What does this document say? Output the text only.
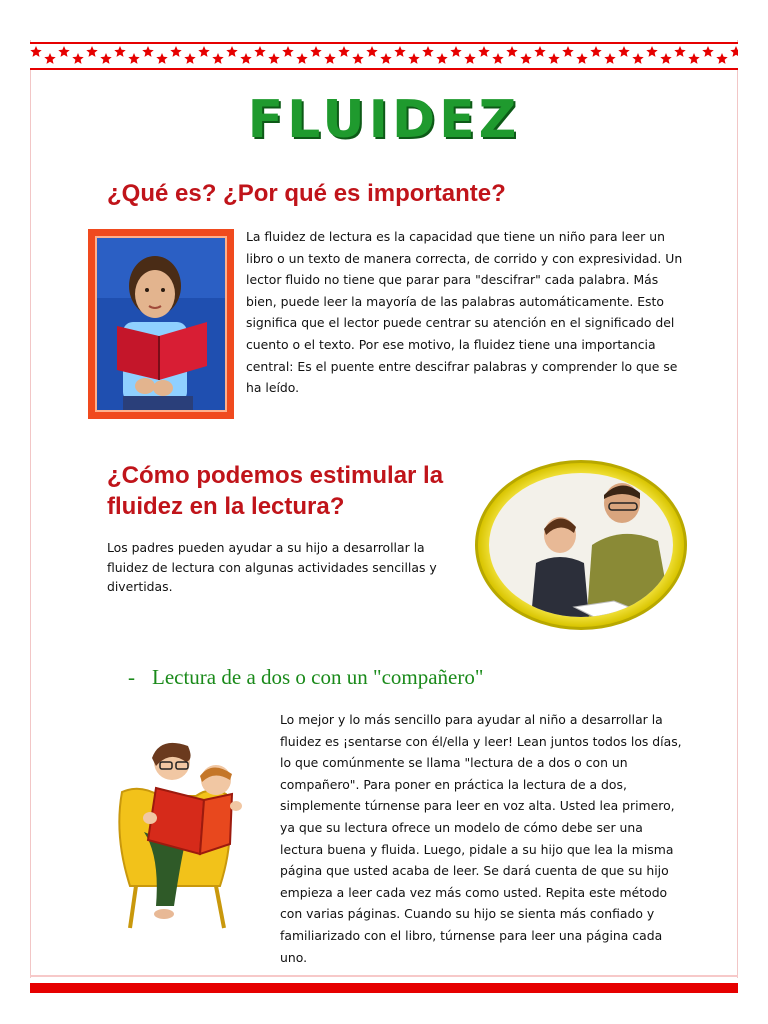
FLUIDEZ
¿Qué es? ¿Por qué es importante?

La fluidez de lectura es la capacidad que tiene un niño para leer un libro o un texto de manera correcta, de corrido y con expresividad. Un lector fluido no tiene que parar para "descifrar" cada palabra. Más bien, puede leer la mayoría de las palabras automáticamente. Esto significa que el lector puede centrar su atención en el significado del cuento o el texto. Por ese motivo, la fluidez tiene una importancia central: Es el puente entre descifrar palabras y comprender lo que se ha leído.

¿Cómo podemos estimular la fluidez en la lectura?

Los padres pueden ayudar a su hijo a desarrollar la fluidez de lectura con algunas actividades sencillas y divertidas.

- Lectura de a dos o con un "compañero"

Lo mejor y lo más sencillo para ayudar al niño a desarrollar la fluidez es ¡sentarse con él/ella y leer! Lean juntos todos los días, lo que comúnmente se llama "lectura de a dos o con un compañero". Para poner en práctica la lectura de a dos, simplemente túrnense para leer en voz alta. Usted lea primero, ya que su lectura ofrece un modelo de cómo debe ser una lectura buena y fluida. Luego, pidale a su hijo que lea la misma página que usted acaba de leer. Se dará cuenta de que su hijo empieza a leer cada vez más como usted. Repita este método con varias páginas. Cuando su hijo se sienta más confiado y familiarizado con el libro, túrnense para leer una página cada uno.
